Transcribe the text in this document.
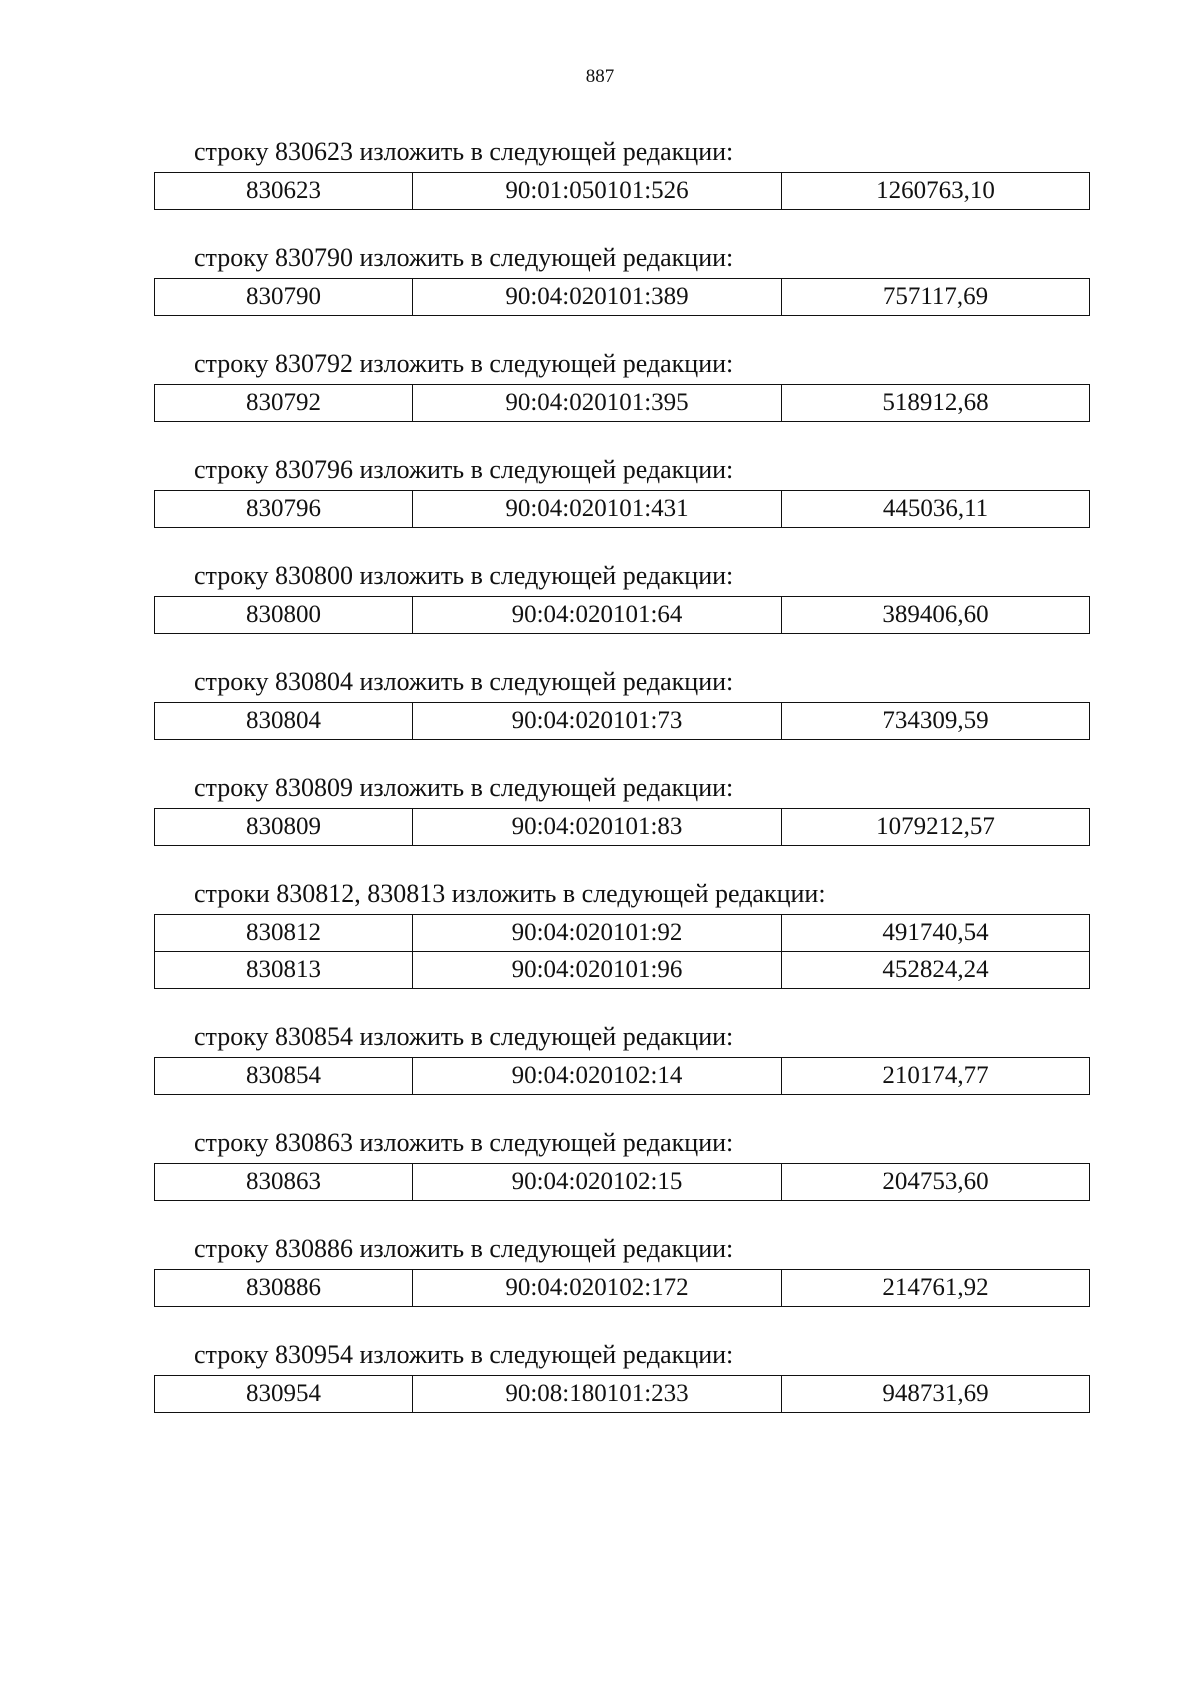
887

строку 830623 изложить в следующей редакции:

830623	90:01:050101:526	1260763,10

строку 830790 изложить в следующей редакции:

830790	90:04:020101:389	757117,69

строку 830792 изложить в следующей редакции:

830792	90:04:020101:395	518912,68

строку 830796 изложить в следующей редакции:

830796	90:04:020101:431	445036,11

строку 830800 изложить в следующей редакции:

830800	90:04:020101:64	389406,60

строку 830804 изложить в следующей редакции:

830804	90:04:020101:73	734309,59

строку 830809 изложить в следующей редакции:

830809	90:04:020101:83	1079212,57

строки 830812, 830813 изложить в следующей редакции:

830812	90:04:020101:92	491740,54
830813	90:04:020101:96	452824,24

строку 830854 изложить в следующей редакции:

830854	90:04:020102:14	210174,77

строку 830863 изложить в следующей редакции:

830863	90:04:020102:15	204753,60

строку 830886 изложить в следующей редакции:

830886	90:04:020102:172	214761,92

строку 830954 изложить в следующей редакции:

830954	90:08:180101:233	948731,69
